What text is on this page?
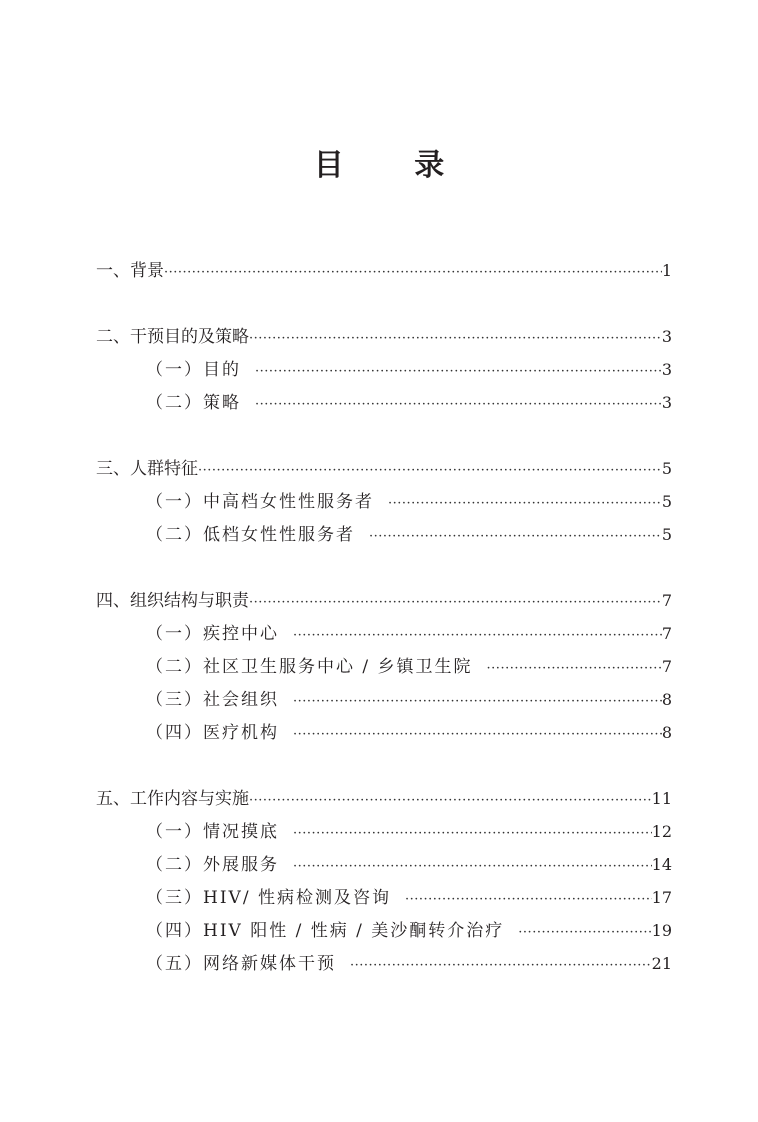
目 录
一、背景 ·····	1
二、干预目的及策略 ·····	3
（一）目的 ·····	3
（二）策略 ·····	3
三、人群特征 ·····	5
（一）中高档女性性服务者 ·····	5
（二）低档女性性服务者 ·····	5
四、组织结构与职责 ·····	7
（一）疾控中心 ·····	7
（二）社区卫生服务中心 / 乡镇卫生院 ·····	7
（三）社会组织 ·····	8
（四）医疗机构 ·····	8
五、工作内容与实施 ·····	11
（一）情况摸底 ·····	12
（二）外展服务 ·····	14
（三）HIV/ 性病检测及咨询 ·····	17
（四）HIV 阳性 / 性病 / 美沙酮转介治疗 ·····	19
（五）网络新媒体干预 ·····	21
